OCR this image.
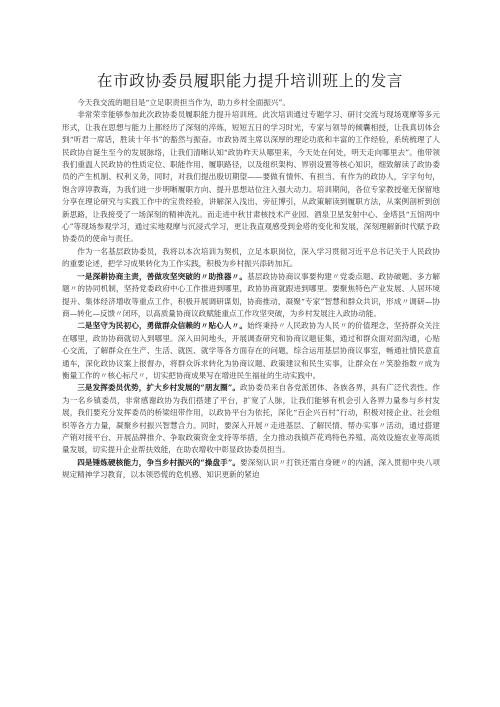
在市政协委员履职能力提升培训班上的发言

今天我交流的题目是“立足职责担当作为，助力乡村全面振兴”。

非常荣幸能够参加此次政协委员履职能力提升培训班。此次培训通过专题学习、研讨交流与现场观摩等多元形式，让我在思想与能力上都经历了深刻的淬炼，短短五日的学习时光，专家与领导的倾囊相授，让我真切体会到“听君一席话，胜读十年书”的豁然与振奋。市政协周主席以深厚的理论功底和丰富的工作经验，系统梳理了人民政协自诞生至今的发展脉络，让我们清晰认知“政协昨天从哪里来，今天处在何处，明天走向哪里去”。他带领我们重温人民政协的性质定位、职能作用、履职路径，以及组织架构、界别设置等核心知识，细致解读了政协委员的产生机制、权利义务，同时，对我们提出殷切期望——要做有情怀、有担当、有作为的政协人，字字句句，饱含谆谆教诲，为我们进一步明晰履职方向、提升思想站位注入强大动力。培训期间，各位专家教授毫无保留地分享在理论研究与实践工作中的宝贵经验，讲解深入浅出、旁征博引，从政策解读到履职方法，从案例剖析到创新思路，让我接受了一场深刻的精神洗礼。而走进中秋甘肃核技术产业园、酒泉卫星发射中心、金塔县“五馆两中心”等现场参观学习，通过实地观摩与沉浸式学习，更让我直观感受到金塔的变化和发展，深刻理解新时代赋予政协委员的使命与责任。

作为一名基层政协委员，我将以本次培训为契机，立足本职岗位，深入学习贯彻习近平总书记关于人民政协的重要论述，把学习成果转化为工作实践，积极为乡村振兴添砖加瓦。

一是深耕协商主责，善做攻坚突破的〃助推器〃。基层政协协商议事要构建〃党委点题、政协破题、多方解题〃的协同机制，坚持党委政府中心工作推进到哪里，政协协商就跟进到哪里。要聚焦特色产业发展、人居环境提升、集体经济增收等重点工作，积极开展调研谋划，协商推动，凝聚“专家”智慧和群众共识，形成〃调研—协商—转化—反馈〃闭环，以高质量协商议政赋能重点工作攻坚突破，为乡村发展注入政协动能。

二是坚守为民初心，勇做群众信赖的〃贴心人〃。始终秉持〃人民政协为人民〃的价值理念，坚持群众关注在哪里，政协协商就切入到哪里。深入田间地头，开展调查研究和协商议题征集，通过和群众面对面沟通，心贴心交流，了解群众在生产、生活、就医、就学等各方面存在的问题，综合运用基层协商议事室，畅通社情民意直通车，深化政协议案上报督办，将群众诉求转化为协商议题、政策建议和民生实事，让群众在〃笑脸指数〃成为衡量工作的〃核心标尺〃，切实把协商成果写在增进民生福祉的生动实践中。

三是发挥委员优势，扩大乡村发展的“朋友圈”。政协委员来自各党派团体、各族各界，具有广泛代表性。作为一名乡镇委员，非常感谢政协为我们搭建了平台，扩宽了人脉，让我们能够有机会引入各界力量参与乡村发展，我们要充分发挥委员的桥梁纽带作用，以政协平台为依托，深化“百企兴百村”行动，积极对接企业、社会组织等各方力量，凝聚乡村振兴智慧合力。同时，要深入开展〃走进基层、了解民情、帮办实事〃活动，通过搭建产销对接平台、开展品牌推介、争取政策资金支持等举措，全力推动我镇芦花鸡特色养殖、高效设施农业等高质量发展，切实提升企业帮扶效能，在助农增收中彰显政协委员担当。

四是锤炼硬核能力，争当乡村振兴的“操盘手”。要深刻认识〃打铁还需自身硬〃的内涵，深入贯彻中央八项规定精神学习教育，以本领恐慌的危机感、知识更新的紧迫
